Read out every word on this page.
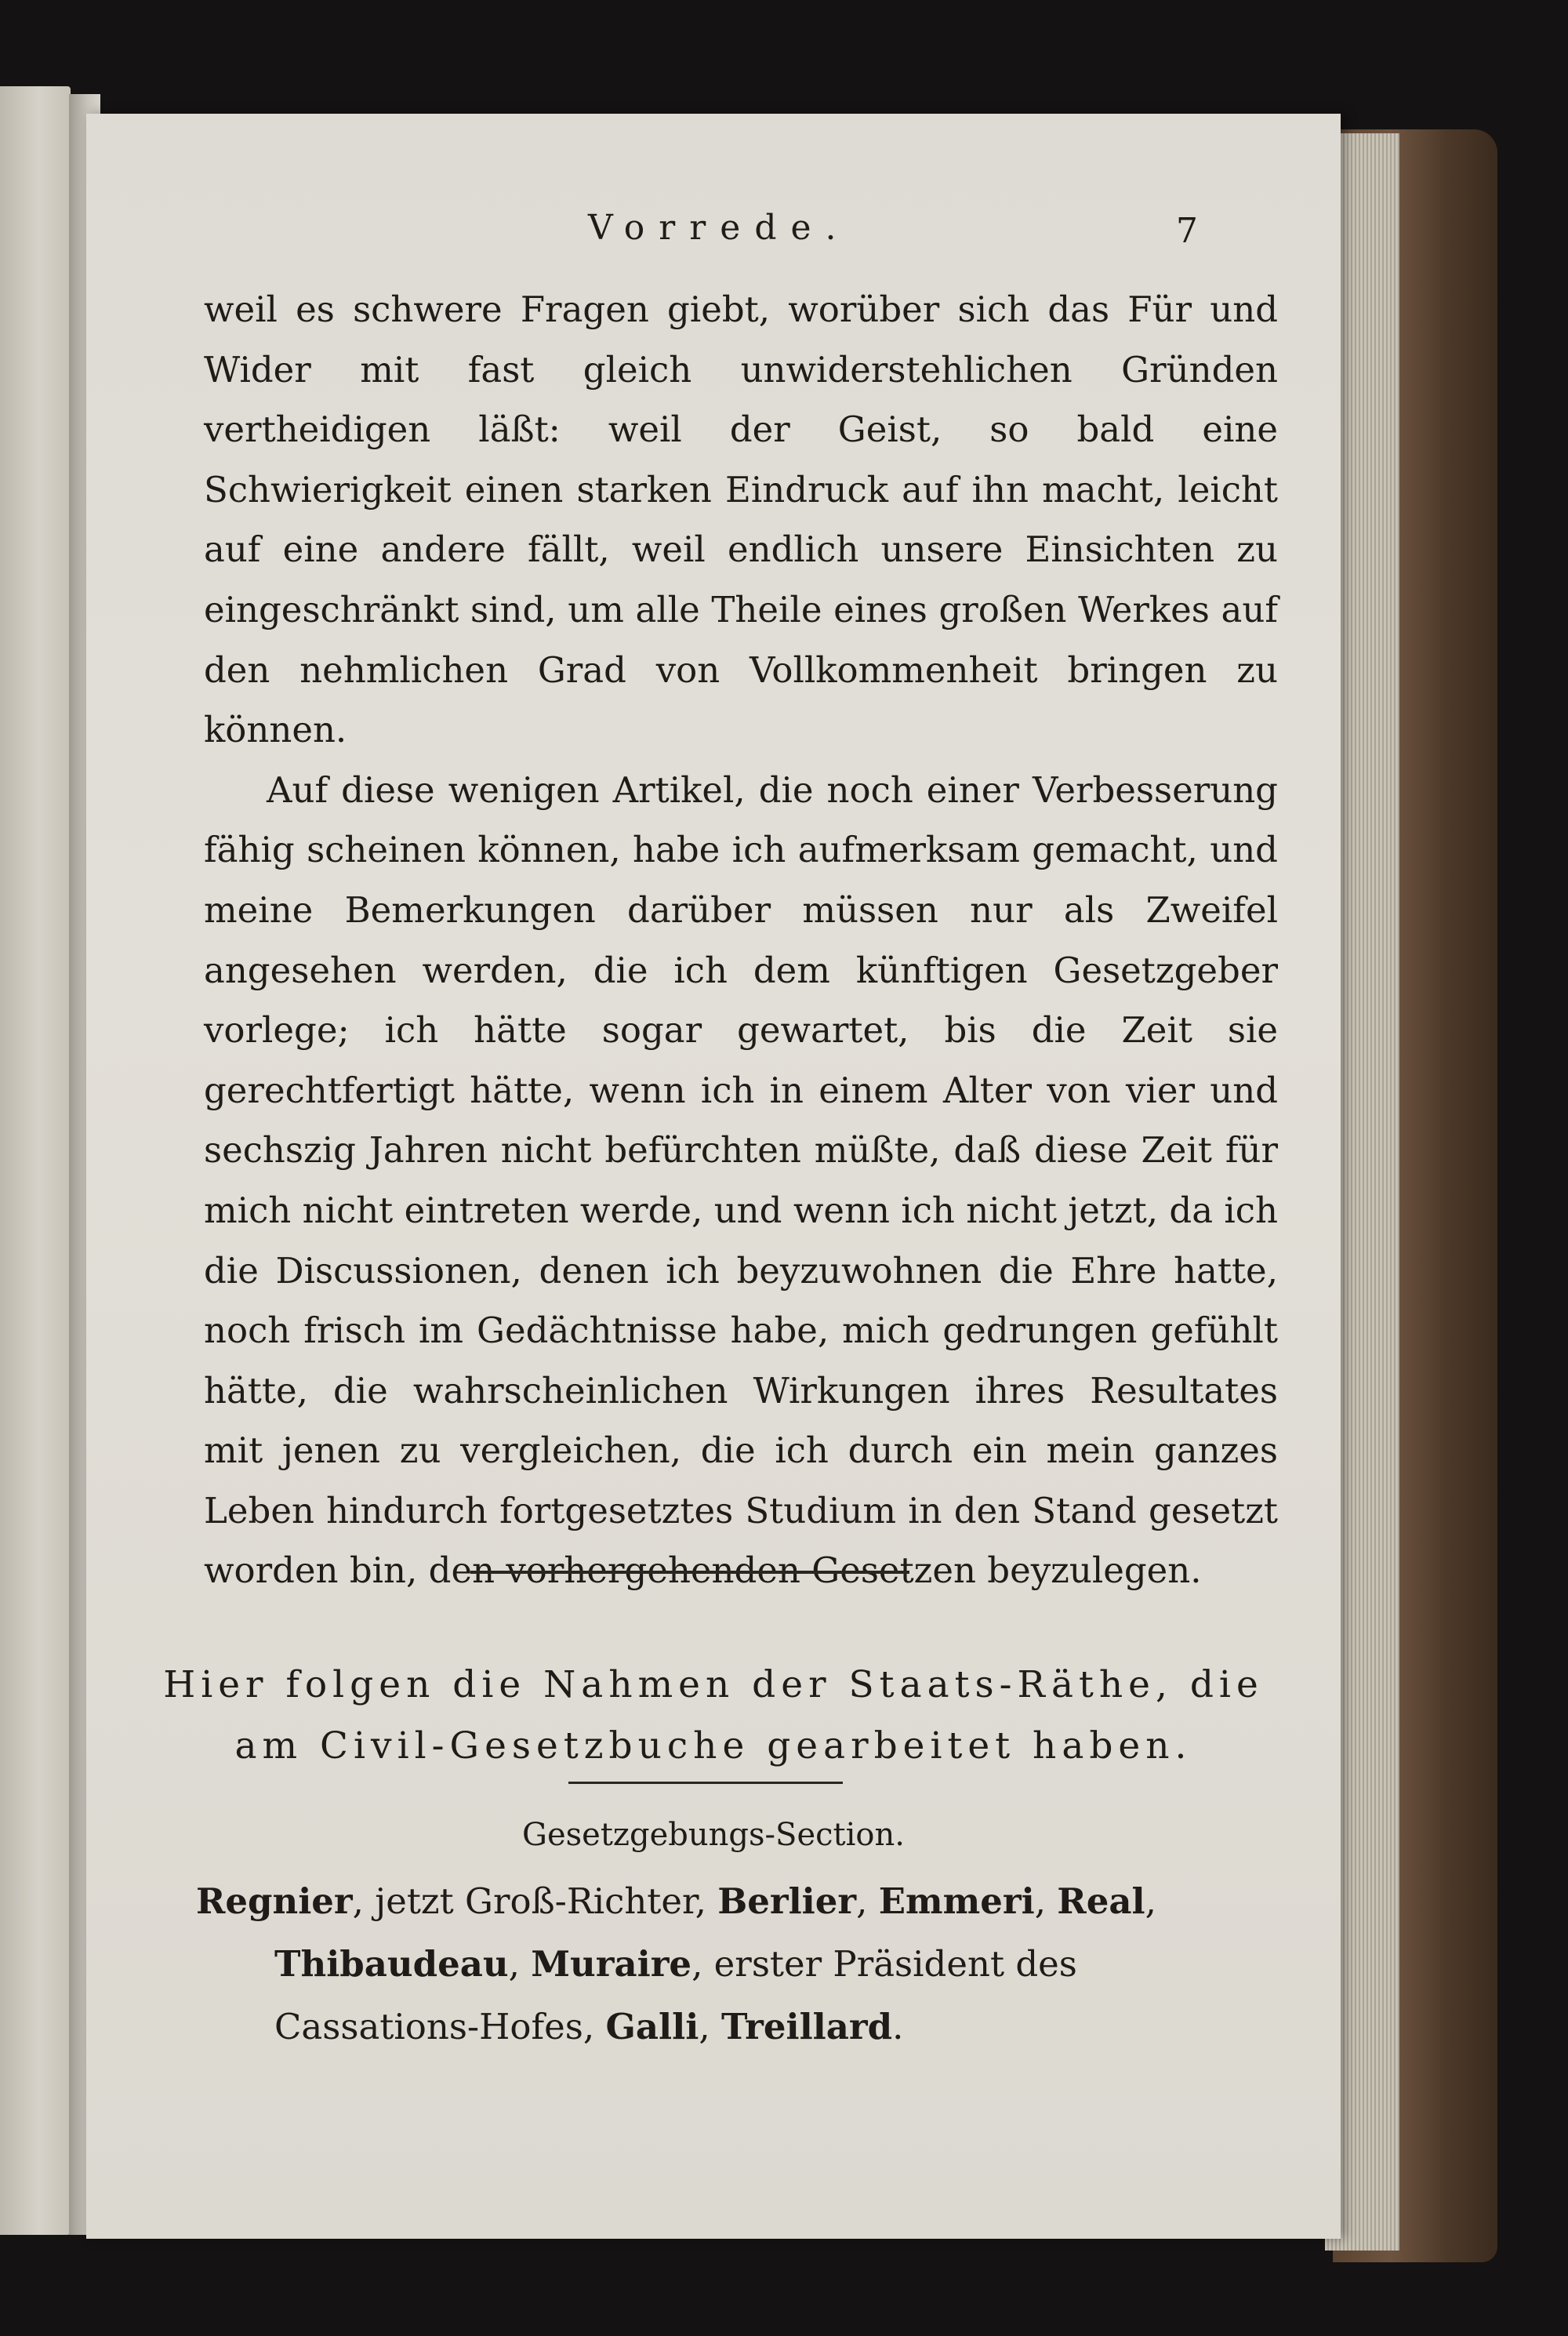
Vorrede.	7

weil es schwere Fragen giebt, worüber sich das Für und Wider mit fast gleich unwiderstehlichen Gründen vertheidigen läßt: weil der Geist, so bald eine Schwierigkeit einen starken Eindruck auf ihn macht, leicht auf eine andere fällt, weil endlich unsere Einsichten zu eingeschränkt sind, um alle Theile eines großen Werkes auf den nehmlichen Grad von Vollkommenheit bringen zu können.

Auf diese wenigen Artikel, die noch einer Verbesserung fähig scheinen können, habe ich aufmerksam gemacht, und meine Bemerkungen darüber müssen nur als Zweifel angesehen werden, die ich dem künftigen Gesetzgeber vorlege; ich hätte sogar gewartet, bis die Zeit sie gerechtfertigt hätte, wenn ich in einem Alter von vier und sechszig Jahren nicht befürchten müßte, daß diese Zeit für mich nicht eintreten werde, und wenn ich nicht jetzt, da ich die Discussionen, denen ich beyzuwohnen die Ehre hatte, noch frisch im Gedächtnisse habe, mich gedrungen gefühlt hätte, die wahrscheinlichen Wirkungen ihres Resultates mit jenen zu vergleichen, die ich durch ein mein ganzes Leben hindurch fortgesetztes Studium in den Stand gesetzt worden bin, den vorhergehenden Gesetzen beyzulegen.

Hier folgen die Nahmen der Staats-Räthe, die
am Civil-Gesetzbuche gearbeitet haben.
Gesetzgebungs-Section.

Regnier, jetzt Groß-Richter, Berlier, Emmeri, Real,

Thibaudeau, Muraire, erster Präsident des Cassations-Hofes, Galli, Treillard.
